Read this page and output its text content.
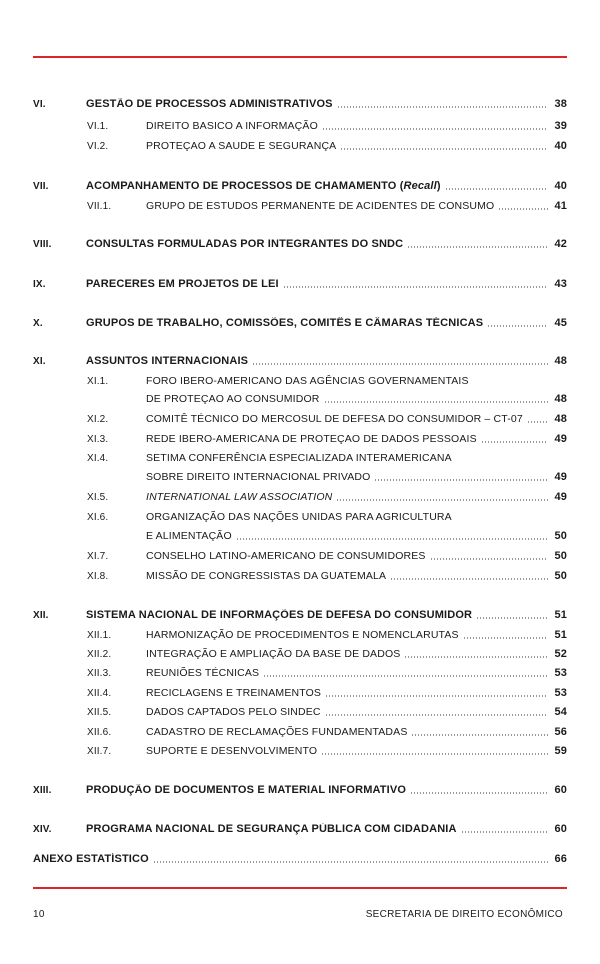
VI.	GESTÃO DE PROCESSOS ADMINISTRATIVOS	38
VI.1.	DIREITO BASICO A INFORMAÇÃO	39
VI.2.	PROTEÇAO A SAUDE E SEGURANÇA	40
VII.	ACOMPANHAMENTO DE PROCESSOS DE CHAMAMENTO (Recall)	40
VII.1.	GRUPO DE ESTUDOS PERMANENTE DE ACIDENTES DE CONSUMO	41
VIII.	CONSULTAS FORMULADAS POR INTEGRANTES DO SNDC	42
IX.	PARECERES EM PROJETOS DE LEI	43
X.	GRUPOS DE TRABALHO, COMISSÕES, COMITÊS E CÂMARAS TÉCNICAS	45
XI.	ASSUNTOS INTERNACIONAIS	48
XI.1.	FORO IBERO-AMERICANO DAS AGÊNCIAS GOVERNAMENTAIS
DE PROTEÇAO AO CONSUMIDOR	48
XI.2.	COMITÊ TÉCNICO DO MERCOSUL DE DEFESA DO CONSUMIDOR – CT-07	48
XI.3.	REDE IBERO-AMERICANA DE PROTEÇAO DE DADOS PESSOAIS	49
XI.4.	SETIMA CONFERÊNCIA ESPECIALIZADA INTERAMERICANA
SOBRE DIREITO INTERNACIONAL PRIVADO	49
XI.5.	INTERNATIONAL LAW ASSOCIATION	49
XI.6.	ORGANIZAÇÃO DAS NAÇÕES UNIDAS PARA AGRICULTURA
E ALIMENTAÇÃO	50
XI.7.	CONSELHO LATINO-AMERICANO DE CONSUMIDORES	50
XI.8.	MISSÃO DE CONGRESSISTAS DA GUATEMALA	50
XII.	SISTEMA NACIONAL DE INFORMAÇÕES DE DEFESA DO CONSUMIDOR	51
XII.1.	HARMONIZAÇÃO DE PROCEDIMENTOS E NOMENCLARUTAS	51
XII.2.	INTEGRAÇÃO E AMPLIAÇÃO DA BASE DE DADOS	52
XII.3.	REUNIÕES TÉCNICAS	53
XII.4.	RECICLAGENS E TREINAMENTOS	53
XII.5.	DADOS CAPTADOS PELO SINDEC	54
XII.6.	CADASTRO DE RECLAMAÇÕES FUNDAMENTADAS	56
XII.7.	SUPORTE E DESENVOLVIMENTO	59
XIII.	PRODUÇÃO DE DOCUMENTOS E MATERIAL INFORMATIVO	60
XIV.	PROGRAMA NACIONAL DE SEGURANÇA PÚBLICA COM CIDADANIA	60
ANEXO ESTATÍSTICO	66
10	SECRETARIA DE DIREITO ECONÔMICO
